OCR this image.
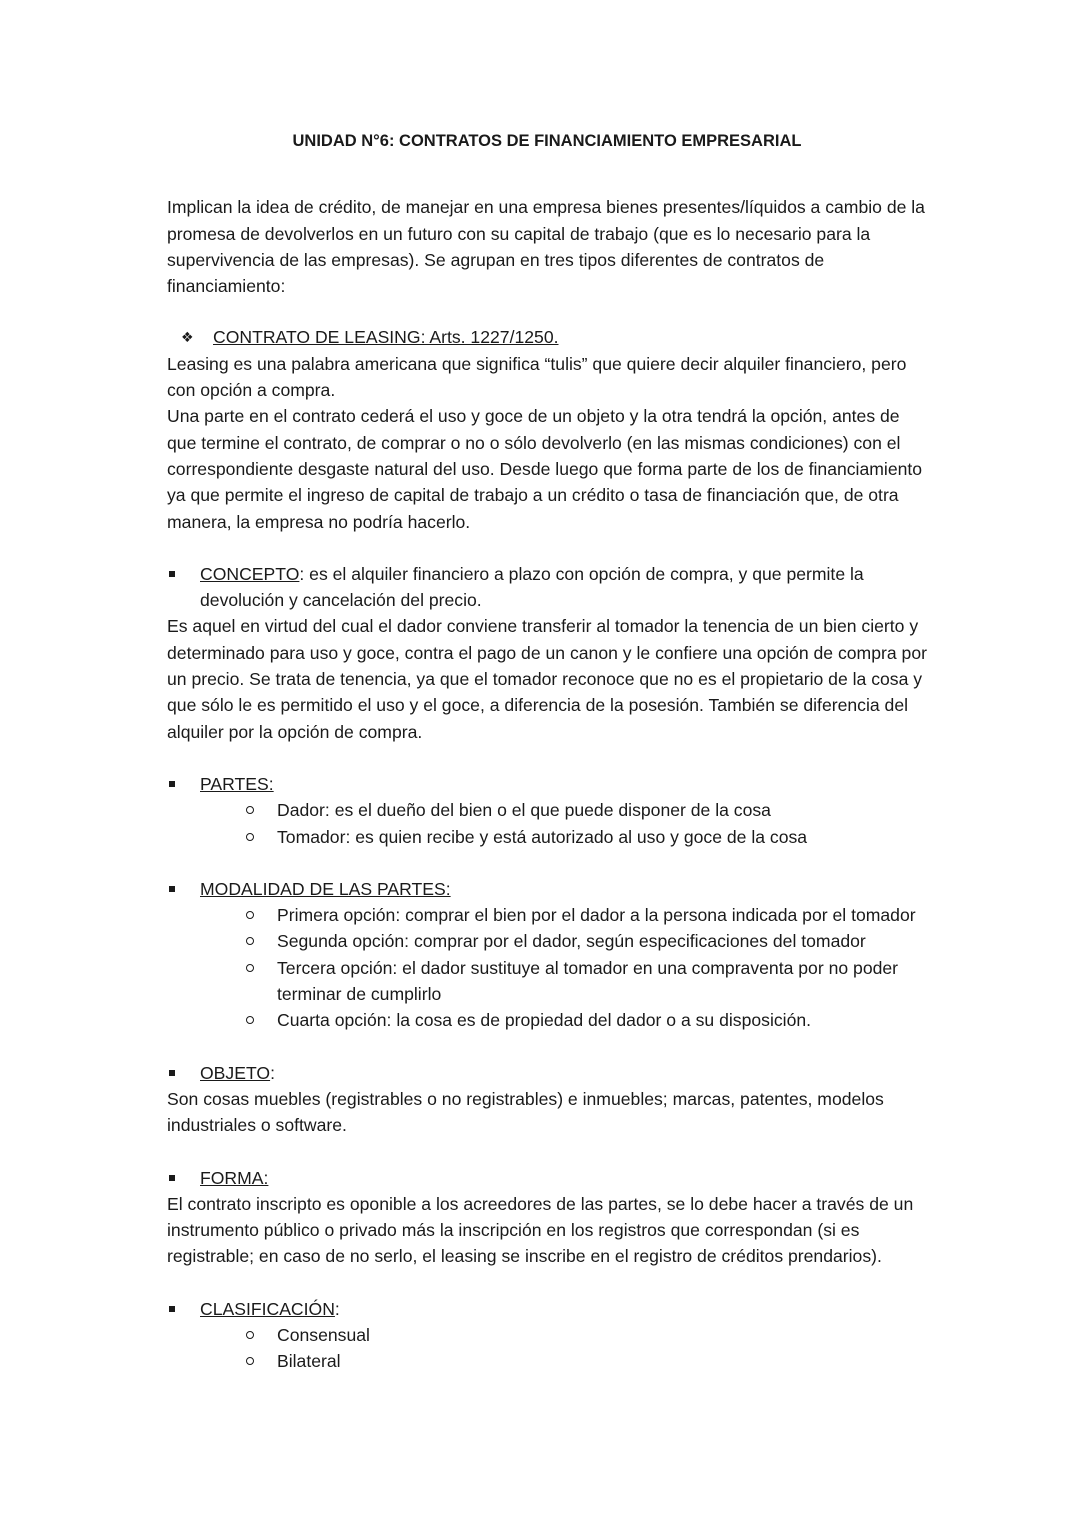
UNIDAD N°6: CONTRATOS DE FINANCIAMIENTO EMPRESARIAL

Implican la idea de crédito, de manejar en una empresa bienes presentes/líquidos a cambio de la promesa de devolverlos en un futuro con su capital de trabajo (que es lo necesario para la supervivencia de las empresas). Se agrupan en tres tipos diferentes de contratos de financiamiento:

❖	CONTRATO DE LEASING: Arts. 1227/1250.

Leasing es una palabra americana que significa “tulis” que quiere decir alquiler financiero, pero con opción a compra.

Una parte en el contrato cederá el uso y goce de un objeto y la otra tendrá la opción, antes de que termine el contrato, de comprar o no o sólo devolverlo (en las mismas condiciones) con el correspondiente desgaste natural del uso. Desde luego que forma parte de los de financiamiento ya que permite el ingreso de capital de trabajo a un crédito o tasa de financiación que, de otra manera, la empresa no podría hacerlo.

CONCEPTO: es el alquiler financiero a plazo con opción de compra, y que permite la devolución y cancelación del precio.

Es aquel en virtud del cual el dador conviene transferir al tomador la tenencia de un bien cierto y determinado para uso y goce, contra el pago de un canon y le confiere una opción de compra por un precio. Se trata de tenencia, ya que el tomador reconoce que no es el propietario de la cosa y que sólo le es permitido el uso y el goce, a diferencia de la posesión. También se diferencia del alquiler por la opción de compra.

PARTES:
Dador: es el dueño del bien o el que puede disponer de la cosa
Tomador: es quien recibe y está autorizado al uso y goce de la cosa
MODALIDAD DE LAS PARTES:
Primera opción: comprar el bien por el dador a la persona indicada por el tomador
Segunda opción: comprar por el dador, según especificaciones del tomador
Tercera opción: el dador sustituye al tomador en una compraventa por no poder terminar de cumplirlo
Cuarta opción: la cosa es de propiedad del dador o a su disposición.
OBJETO:

Son cosas muebles (registrables o no registrables) e inmuebles; marcas, patentes, modelos industriales o software.

FORMA:

El contrato inscripto es oponible a los acreedores de las partes, se lo debe hacer a través de un instrumento público o privado más la inscripción en los registros que correspondan (si es registrable; en caso de no serlo, el leasing se inscribe en el registro de créditos prendarios).

CLASIFICACIÓN:
Consensual
Bilateral
